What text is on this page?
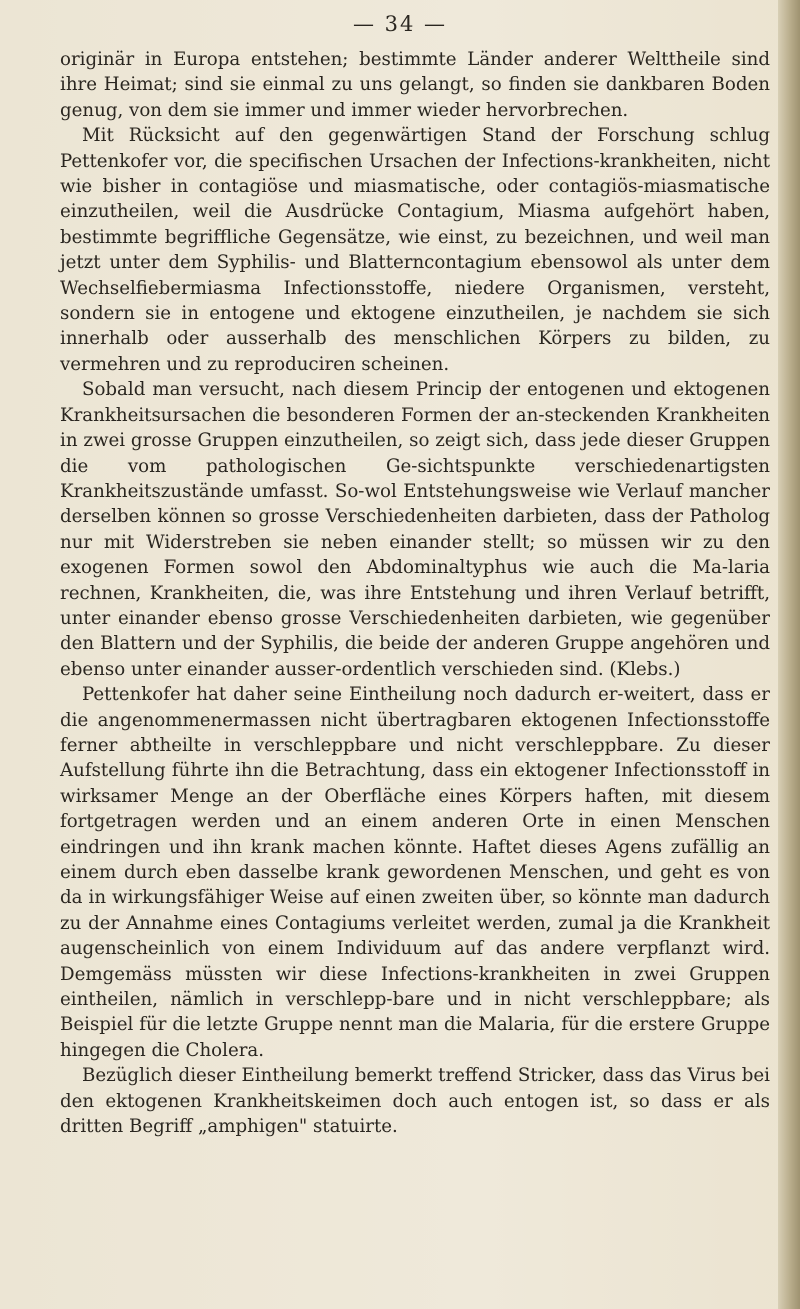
— 34 —

originär in Europa entstehen; bestimmte Länder anderer Welttheile sind ihre Heimat; sind sie einmal zu uns gelangt, so finden sie dankbaren Boden genug, von dem sie immer und immer wieder hervorbrechen.

Mit Rücksicht auf den gegenwärtigen Stand der Forschung schlug Pettenkofer vor, die specifischen Ursachen der Infections-krankheiten, nicht wie bisher in contagiöse und miasmatische, oder contagiös-miasmatische einzutheilen, weil die Ausdrücke Contagium, Miasma aufgehört haben, bestimmte begriffliche Gegensätze, wie einst, zu bezeichnen, und weil man jetzt unter dem Syphilis- und Blatterncontagium ebensowol als unter dem Wechselfiebermiasma Infectionsstoffe, niedere Organismen, versteht, sondern sie in entogene und ektogene einzutheilen, je nachdem sie sich innerhalb oder ausserhalb des menschlichen Körpers zu bilden, zu vermehren und zu reproduciren scheinen.

Sobald man versucht, nach diesem Princip der entogenen und ektogenen Krankheitsursachen die besonderen Formen der an-steckenden Krankheiten in zwei grosse Gruppen einzutheilen, so zeigt sich, dass jede dieser Gruppen die vom pathologischen Ge-sichtspunkte verschiedenartigsten Krankheitszustände umfasst. So-wol Entstehungsweise wie Verlauf mancher derselben können so grosse Verschiedenheiten darbieten, dass der Patholog nur mit Widerstreben sie neben einander stellt; so müssen wir zu den exogenen Formen sowol den Abdominaltyphus wie auch die Ma-laria rechnen, Krankheiten, die, was ihre Entstehung und ihren Verlauf betrifft, unter einander ebenso grosse Verschiedenheiten darbieten, wie gegenüber den Blattern und der Syphilis, die beide der anderen Gruppe angehören und ebenso unter einander ausser-ordentlich verschieden sind. (Klebs.)

Pettenkofer hat daher seine Eintheilung noch dadurch er-weitert, dass er die angenommenermassen nicht übertragbaren ektogenen Infectionsstoffe ferner abtheilte in verschleppbare und nicht verschleppbare. Zu dieser Aufstellung führte ihn die Betrachtung, dass ein ektogener Infectionsstoff in wirksamer Menge an der Oberfläche eines Körpers haften, mit diesem fortgetragen werden und an einem anderen Orte in einen Menschen eindringen und ihn krank machen könnte. Haftet dieses Agens zufällig an einem durch eben dasselbe krank gewordenen Menschen, und geht es von da in wirkungsfähiger Weise auf einen zweiten über, so könnte man dadurch zu der Annahme eines Contagiums verleitet werden, zumal ja die Krankheit augenscheinlich von einem Individuum auf das andere verpflanzt wird. Demgemäss müssten wir diese Infections-krankheiten in zwei Gruppen eintheilen, nämlich in verschlepp-bare und in nicht verschleppbare; als Beispiel für die letzte Gruppe nennt man die Malaria, für die erstere Gruppe hingegen die Cholera.

Bezüglich dieser Eintheilung bemerkt treffend Stricker, dass das Virus bei den ektogenen Krankheitskeimen doch auch entogen ist, so dass er als dritten Begriff „amphigen" statuirte.
